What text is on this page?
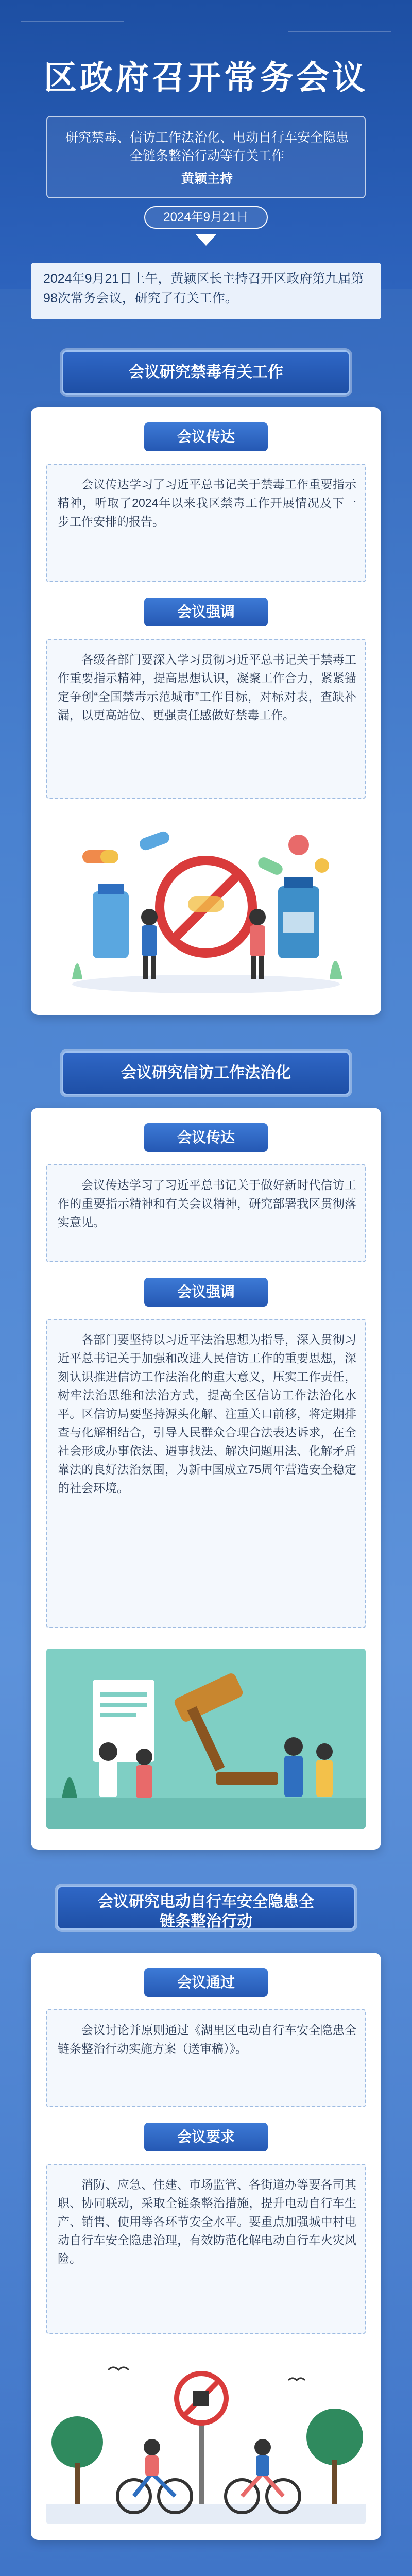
区政府召开常务会议
研究禁毒、信访工作法治化、电动自行车安全隐患全链条整治行动等有关工作
黄颖主持
2024年9月21日
2024年9月21日上午，黄颖区长主持召开区政府第九届第98次常务会议，研究了有关工作。
会议研究禁毒有关工作
会议传达
会议传达学习了习近平总书记关于禁毒工作重要指示精神，听取了2024年以来我区禁毒工作开展情况及下一步工作安排的报告。
会议强调
各级各部门要深入学习贯彻习近平总书记关于禁毒工作重要指示精神，提高思想认识，凝聚工作合力，紧紧锚定争创“全国禁毒示范城市”工作目标，对标对表，查缺补漏，以更高站位、更强责任感做好禁毒工作。
会议研究信访工作法治化
会议传达
会议传达学习了习近平总书记关于做好新时代信访工作的重要指示精神和有关会议精神，研究部署我区贯彻落实意见。
会议强调
各部门要坚持以习近平法治思想为指导，深入贯彻习近平总书记关于加强和改进人民信访工作的重要思想，深刻认识推进信访工作法治化的重大意义，压实工作责任，树牢法治思维和法治方式，提高全区信访工作法治化水平。区信访局要坚持源头化解、注重关口前移，将定期排查与化解相结合，引导人民群众合理合法表达诉求，在全社会形成办事依法、遇事找法、解决问题用法、化解矛盾靠法的良好法治氛围，为新中国成立75周年营造安全稳定的社会环境。
会议研究电动自行车安全隐患全
链条整治行动
会议通过
会议讨论并原则通过《湖里区电动自行车安全隐患全链条整治行动实施方案（送审稿）》。
会议要求
消防、应急、住建、市场监管、各街道办等要各司其职、协同联动，采取全链条整治措施，提升电动自行车生产、销售、使用等各环节安全水平。要重点加强城中村电动自行车安全隐患治理，有效防范化解电动自行车火灾风险。
